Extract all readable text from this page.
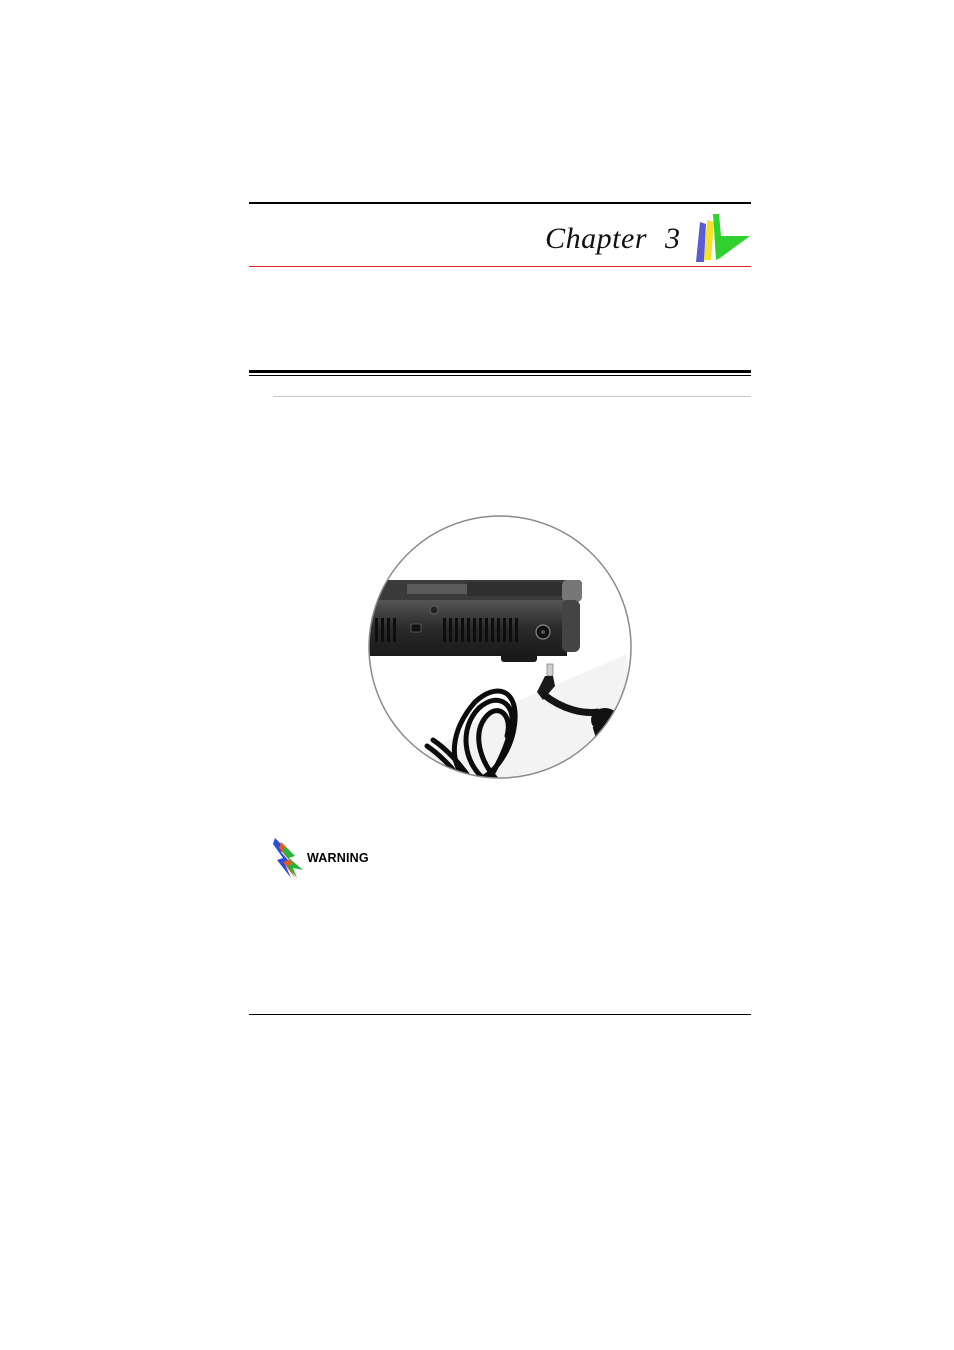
Chapter 3
WARNING
